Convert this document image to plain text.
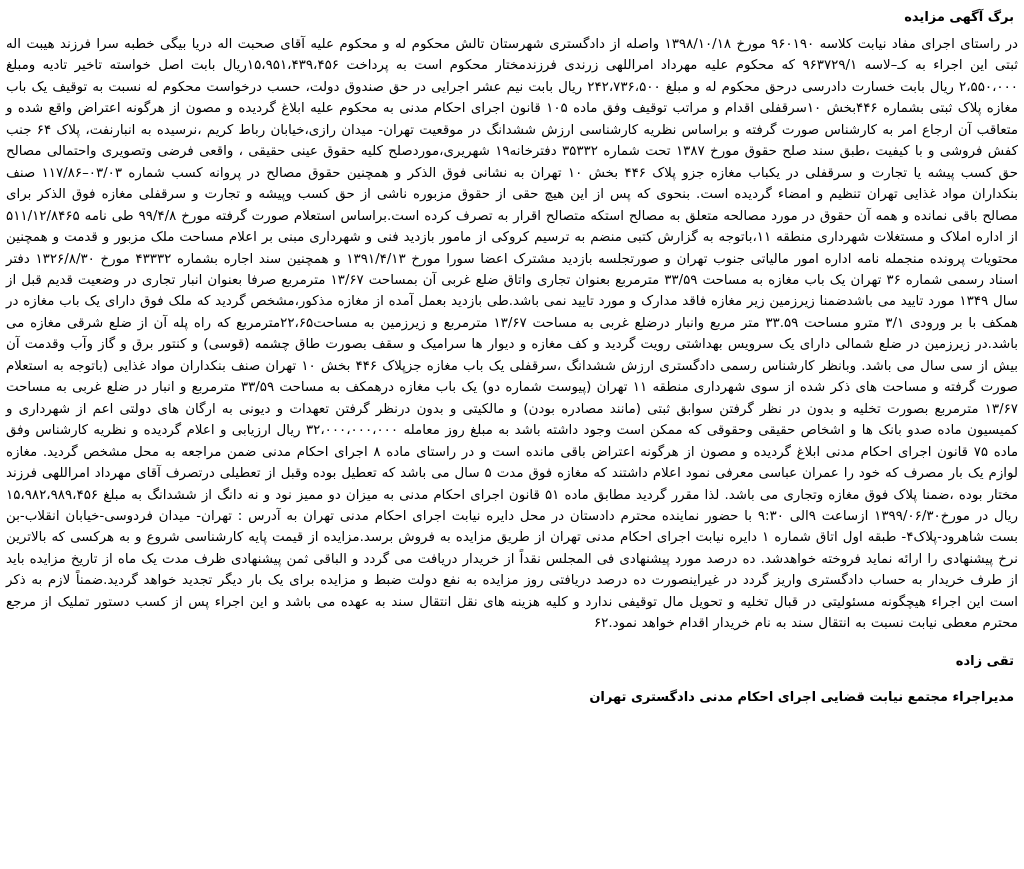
برگ آگهی مزایده

در راستای اجرای مفاد نیابت کلاسه ۹۶۰۱۹۰ مورخ ۱۳۹۸/۱۰/۱۸ واصله از دادگستری شهرستان تالش محکوم له و محکوم علیه آقای صحبت اله دریا بیگی خطبه سرا فرزند هیبت اله ثبتی این اجراء به کـ–لاسه ۹۶۳۷۲۹/۱ که محکوم علیه مهرداد امراللهی زرندی فرزندمختار محکوم است به پرداخت ۱۵،۹۵۱،۴۳۹،۴۵۶ریال بابت اصل خواسته تاخیر تادیه ومبلغ ۲،۵۵۰،۰۰۰ ریال بابت خسارت دادرسی درحق محکوم له و مبلغ ۲۴۲،۷۳۶،۵۰۰ ریال بابت نیم عشر اجرایی در حق صندوق دولت، حسب درخواست محکوم له نسبت به توقیف یک باب مغازه پلاک ثبتی بشماره ۴۴۶بخش ۱۰سرقفلی اقدام و مراتب توقیف وفق ماده ۱۰۵ قانون اجرای احکام مدنی به محکوم علیه ابلاغ گردیده و مصون از هرگونه اعتراض واقع شده و متعاقب آن ارجاع امر به کارشناس صورت گرفته و براساس نظریه کارشناسی ارزش ششدانگ در موقعیت تهران- میدان رازی،خیابان رباط کریم ،نرسیده به انبارنفت، پلاک ۶۴ جنب کفش فروشی و با کیفیت ،طبق سند صلح حقوق مورخ ۱۳۸۷ تحت شماره ۳۵۳۳۲ دفترخانه۱۹ شهریری،موردصلح کلیه حقوق عینی حقیقی ، واقعی فرضی وتصویری واحتمالی مصالح حق کسب پیشه یا تجارت و سرقفلی در یکباب مغازه جزو پلاک ۴۴۶ بخش ۱۰ تهران به نشانی فوق الذکر و همچنین حقوق مصالح در پروانه کسب شماره ۰۳/۰۳–۱۱۷/۸۶ صنف بنکداران مواد غذایی تهران تنظیم و امضاء گردیده است. بنحوی که پس از این هیچ حقی از حقوق مزبوره ناشی از حق کسب وپیشه و تجارت و سرقفلی مغازه فوق الذکر برای مصالح باقی نمانده و همه آن حقوق در مورد مصالحه متعلق به مصالح استکه متصالح اقرار به تصرف کرده است.براساس استعلام صورت گرفته مورخ ۹۹/۴/۸ طی نامه ۵۱۱/۱۲/۸۴۶۵ از اداره املاک و مستغلات شهرداری منطقه ۱۱،باتوجه به گزارش کتبی منضم به ترسیم کروکی از مامور بازدید فنی و شهرداری مبنی بر اعلام مساحت ملک مزبور و قدمت و همچنین محتویات پرونده منجمله نامه اداره امور مالیاتی جنوب تهران و صورتجلسه بازدید مشترک اعضا سورا مورخ ۱۳۹۱/۴/۱۳ و همچنین سند اجاره بشماره ۴۳۳۳۲ مورخ ۱۳۲۶/۸/۳۰ دفتر اسناد رسمی شماره ۳۶ تهران یک باب مغازه به مساحت ۳۳/۵۹ مترمربع بعنوان تجاری واتاق ضلع غربی آن بمساحت ۱۳/۶۷ مترمربع صرفا بعنوان انبار تجاری در وضعیت قدیم قبل از سال ۱۳۴۹ مورد تایید می باشدضمنا زیرزمین زیر مغازه فاقد مدارک و مورد تایید نمی باشد.طی بازدید بعمل آمده از مغازه مذکور،مشخص گردید که ملک فوق دارای یک باب مغازه در همکف با بر ورودی ۳/۱ مترو مساحت ۳۳.۵۹ متر مربع وانبار درضلع غربی به مساحت ۱۳/۶۷ مترمربع و زیرزمین به مساحت۲۲،۶۵مترمربع که راه پله آن از ضلع شرقی مغازه می باشد.در زیرزمین در ضلع شمالی دارای یک سرویس بهداشتی رویت گردید و کف مغازه و دیوار ها سرامیک و سقف بصورت طاق چشمه (قوسی) و کنتور برق و گاز وآب وقدمت آن بیش از سی سال می باشد. وبانظر کارشناس رسمی دادگستری ارزش ششدانگ ،سرقفلی یک باب مغازه جزپلاک ۴۴۶ بخش ۱۰ تهران صنف بنکداران مواد غذایی (باتوجه به استعلام صورت گرفته و مساحت های ذکر شده از سوی شهرداری منطقه ۱۱ تهران (پیوست شماره دو) یک باب مغازه درهمکف به مساحت ۳۳/۵۹ مترمربع و انبار در ضلع غربی به مساحت ۱۳/۶۷ مترمربع بصورت تخلیه و بدون در نظر گرفتن سوابق ثبتی (مانند مصادره بودن) و مالکیتی و بدون درنظر گرفتن تعهدات و دیونی به ارگان های دولتی اعم از شهرداری و کمیسیون ماده صدو بانک ها و اشخاص حقیقی وحقوقی که ممکن است وجود داشته باشد به مبلغ روز معامله ۳۲،۰۰۰،۰۰۰،۰۰۰ ریال ارزیابی و اعلام گردیده و نظریه کارشناس وفق ماده ۷۵ قانون اجرای احکام مدنی ابلاغ گردیده و مصون از هرگونه اعتراض باقی مانده است و در راستای ماده ۸ اجرای احکام مدنی ضمن مراجعه به محل مشخص گردید. مغازه لوازم یک بار مصرف که خود را عمران عباسی معرفی نمود اعلام داشتند که مغازه فوق مدت ۵ سال می باشد که تعطیل بوده وقبل از تعطیلی درتصرف آقای مهرداد امراللهی فرزند مختار بوده ،ضمنا پلاک فوق مغازه وتجاری می باشد. لذا مقرر گردید مطابق ماده ۵۱ قانون اجرای احکام مدنی به میزان دو ممیز نود و نه دانگ از ششدانگ به مبلغ ۱۵،۹۸۲،۹۸۹،۴۵۶ ریال در مورخ۱۳۹۹/۰۶/۳۰ ازساعت ۹الی ۹:۳۰ با حضور نماینده محترم دادستان در محل دایره نیابت اجرای احکام مدنی تهران به آدرس : تهران- میدان فردوسی-خیابان انقلاب-بن بست شاهرود-پلاک۴- طبقه اول اتاق شماره ۱ دایره نیابت اجرای احکام مدنی تهران از طریق مزایده به فروش برسد.مزایده از قیمت پایه کارشناسی شروع و به هرکسی که بالاترین نرخ پیشنهادی را ارائه نماید فروخته خواهدشد. ده درصد مورد پیشنهادی فی المجلس نقداً از خریدار دریافت می گردد و الباقی ثمن پیشنهادی ظرف مدت یک ماه از تاریخ مزایده باید از طرف خریدار به حساب دادگستری واریز گردد در غیراینصورت ده درصد دریافتی روز مزایده به نفع دولت ضبط و مزایده برای یک بار دیگر تجدید خواهد گردید.ضمناً لازم به ذکر است این اجراء هیچگونه مسئولیتی در قبال تخلیه و تحویل مال توقیفی ندارد و کلیه هزینه های نقل انتقال سند به عهده می باشد و این اجراء پس از کسب دستور تملیک از مرجع محترم معطی نیابت نسبت به انتقال سند به نام خریدار اقدام خواهد نمود.۶۲

تقی زاده
مدیراجراء مجتمع نیابت قضایی اجرای احکام مدنی دادگستری تهران
